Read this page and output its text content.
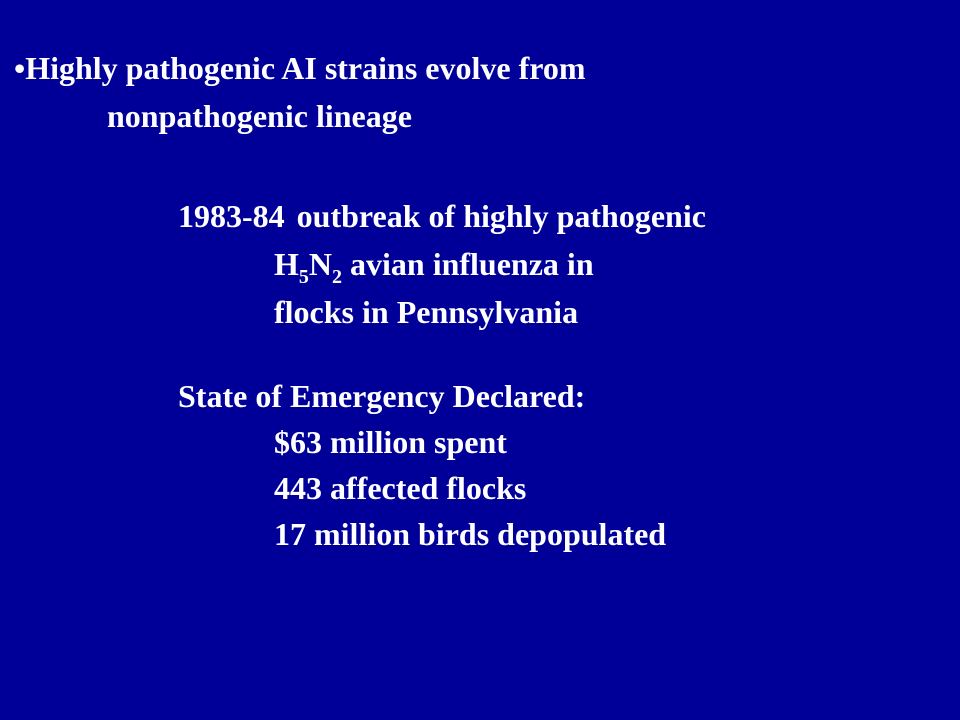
•Highly pathogenic AI strains evolve from
nonpathogenic lineage
1983-84 outbreak of highly pathogenic
$H_5N_2$ avian influenza in
flocks in Pennsylvania
State of Emergency Declared:
$63 million spent
443 affected flocks
17 million birds depopulated
